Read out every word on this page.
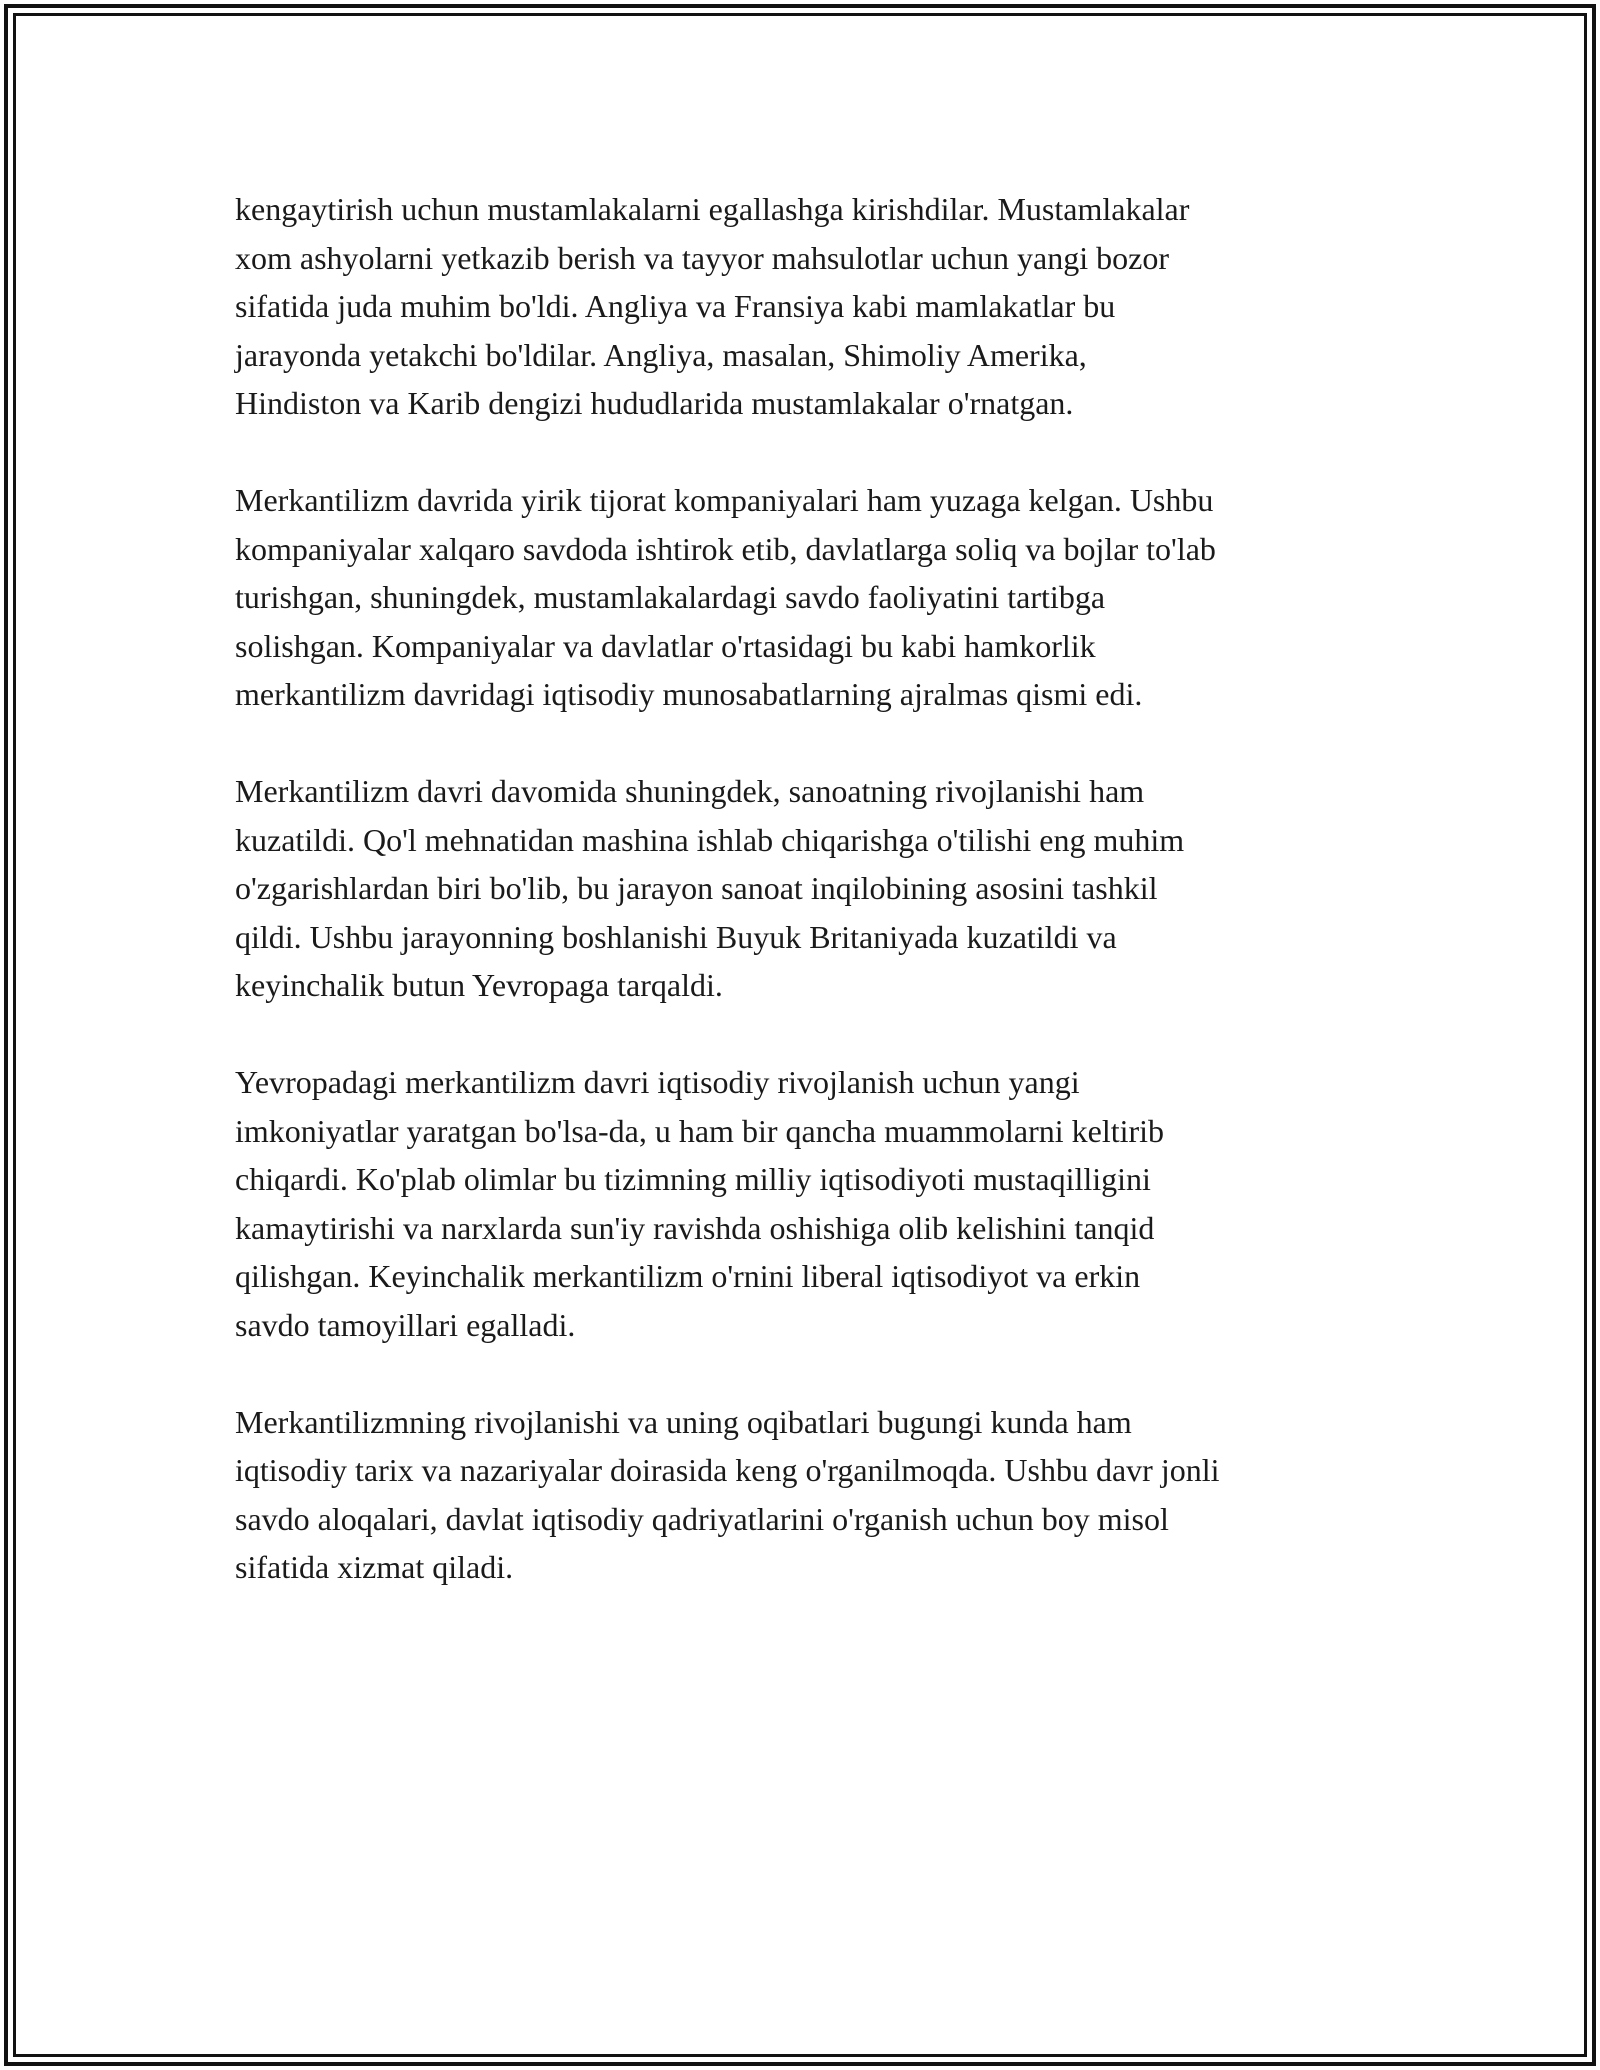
kengaytirish uchun mustamlakalarni egallashga kirishdilar. Mustamlakalar
xom ashyolarni yetkazib berish va tayyor mahsulotlar uchun yangi bozor
sifatida juda muhim bo'ldi. Angliya va Fransiya kabi mamlakatlar bu
jarayonda yetakchi bo'ldilar. Angliya, masalan, Shimoliy Amerika,
Hindiston va Karib dengizi hududlarida mustamlakalar o'rnatgan.

Merkantilizm davrida yirik tijorat kompaniyalari ham yuzaga kelgan. Ushbu
kompaniyalar xalqaro savdoda ishtirok etib, davlatlarga soliq va bojlar to'lab
turishgan, shuningdek, mustamlakalardagi savdo faoliyatini tartibga
solishgan. Kompaniyalar va davlatlar o'rtasidagi bu kabi hamkorlik
merkantilizm davridagi iqtisodiy munosabatlarning ajralmas qismi edi.

Merkantilizm davri davomida shuningdek, sanoatning rivojlanishi ham
kuzatildi. Qo'l mehnatidan mashina ishlab chiqarishga o'tilishi eng muhim
o'zgarishlardan biri bo'lib, bu jarayon sanoat inqilobining asosini tashkil
qildi. Ushbu jarayonning boshlanishi Buyuk Britaniyada kuzatildi va
keyinchalik butun Yevropaga tarqaldi.

Yevropadagi merkantilizm davri iqtisodiy rivojlanish uchun yangi
imkoniyatlar yaratgan bo'lsa-da, u ham bir qancha muammolarni keltirib
chiqardi. Ko'plab olimlar bu tizimning milliy iqtisodiyoti mustaqilligini
kamaytirishi va narxlarda sun'iy ravishda oshishiga olib kelishini tanqid
qilishgan. Keyinchalik merkantilizm o'rnini liberal iqtisodiyot va erkin
savdo tamoyillari egalladi.

Merkantilizmning rivojlanishi va uning oqibatlari bugungi kunda ham
iqtisodiy tarix va nazariyalar doirasida keng o'rganilmoqda. Ushbu davr jonli
savdo aloqalari, davlat iqtisodiy qadriyatlarini o'rganish uchun boy misol
sifatida xizmat qiladi.
